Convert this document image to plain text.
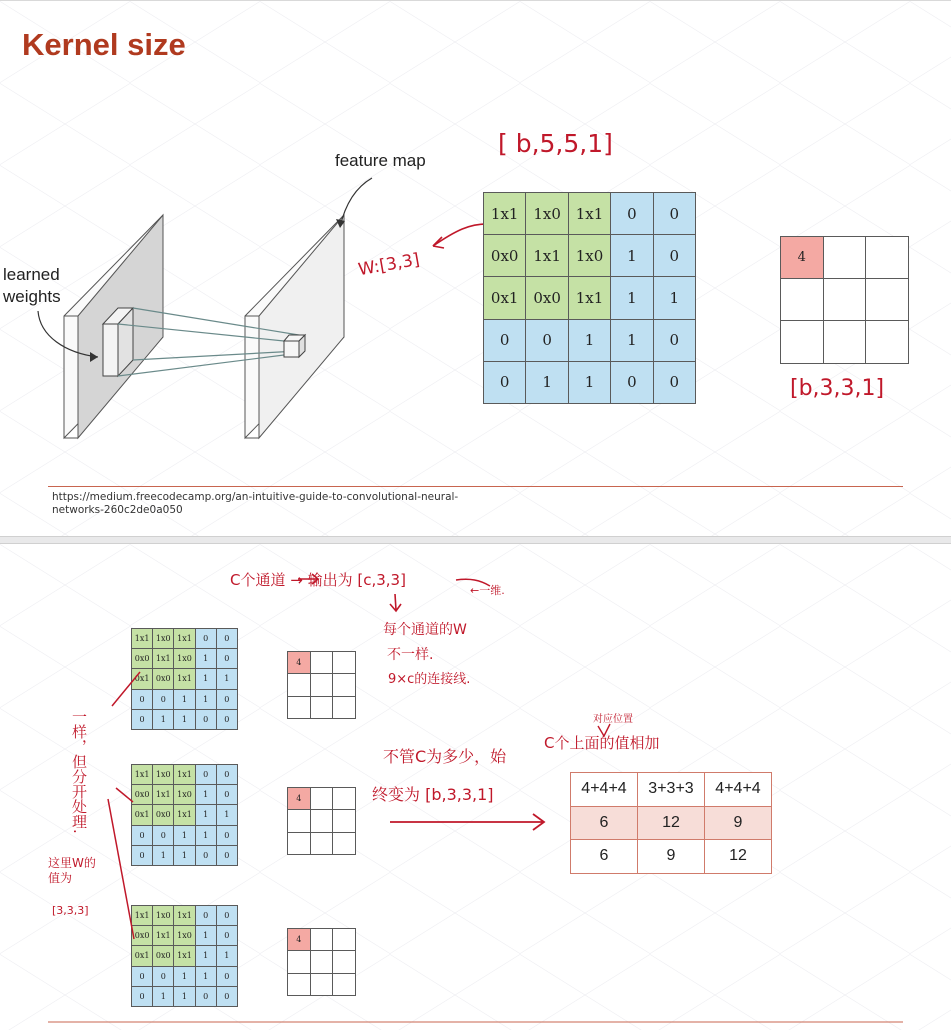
Kernel size
feature map
learned
weights
1x1	1x0	1x1	0	0
0x0	1x1	1x0	1	0
0x1	0x0	1x1	1	1
0	0	1	1	0
0	1	1	0	0
4		

[ b,5,5,1]
W:[3,3]
[b,3,3,1]
https://medium.freecodecamp.org/an-intuitive-guide-to-convolutional-neural-
networks-260c2de0a050
1x1	1x0	1x1	0	0
0x0	1x1	1x0	1	0
0x1	0x0	1x1	1	1
0	0	1	1	0
0	1	1	0	0
4		

1x1	1x0	1x1	0	0
0x0	1x1	1x0	1	0
0x1	0x0	1x1	1	1
0	0	1	1	0
0	1	1	0	0
4		

1x1	1x0	1x1	0	0
0x0	1x1	1x0	1	0
0x1	0x0	1x1	1	1
0	0	1	1	0
0	1	1	0	0
4		

4+4+4	3+3+3	4+4+4
6	12	9
6	9	12
C个通道 → 输出为 [c,3,3]
←一维.
每个通道的W
不一样.
9×c的连接线.
一样，但分开处理.
这里W的值为
[3,3,3]
不管C为多少，始
终变为 [b,3,3,1]
C个上面的值相加
对应位置
